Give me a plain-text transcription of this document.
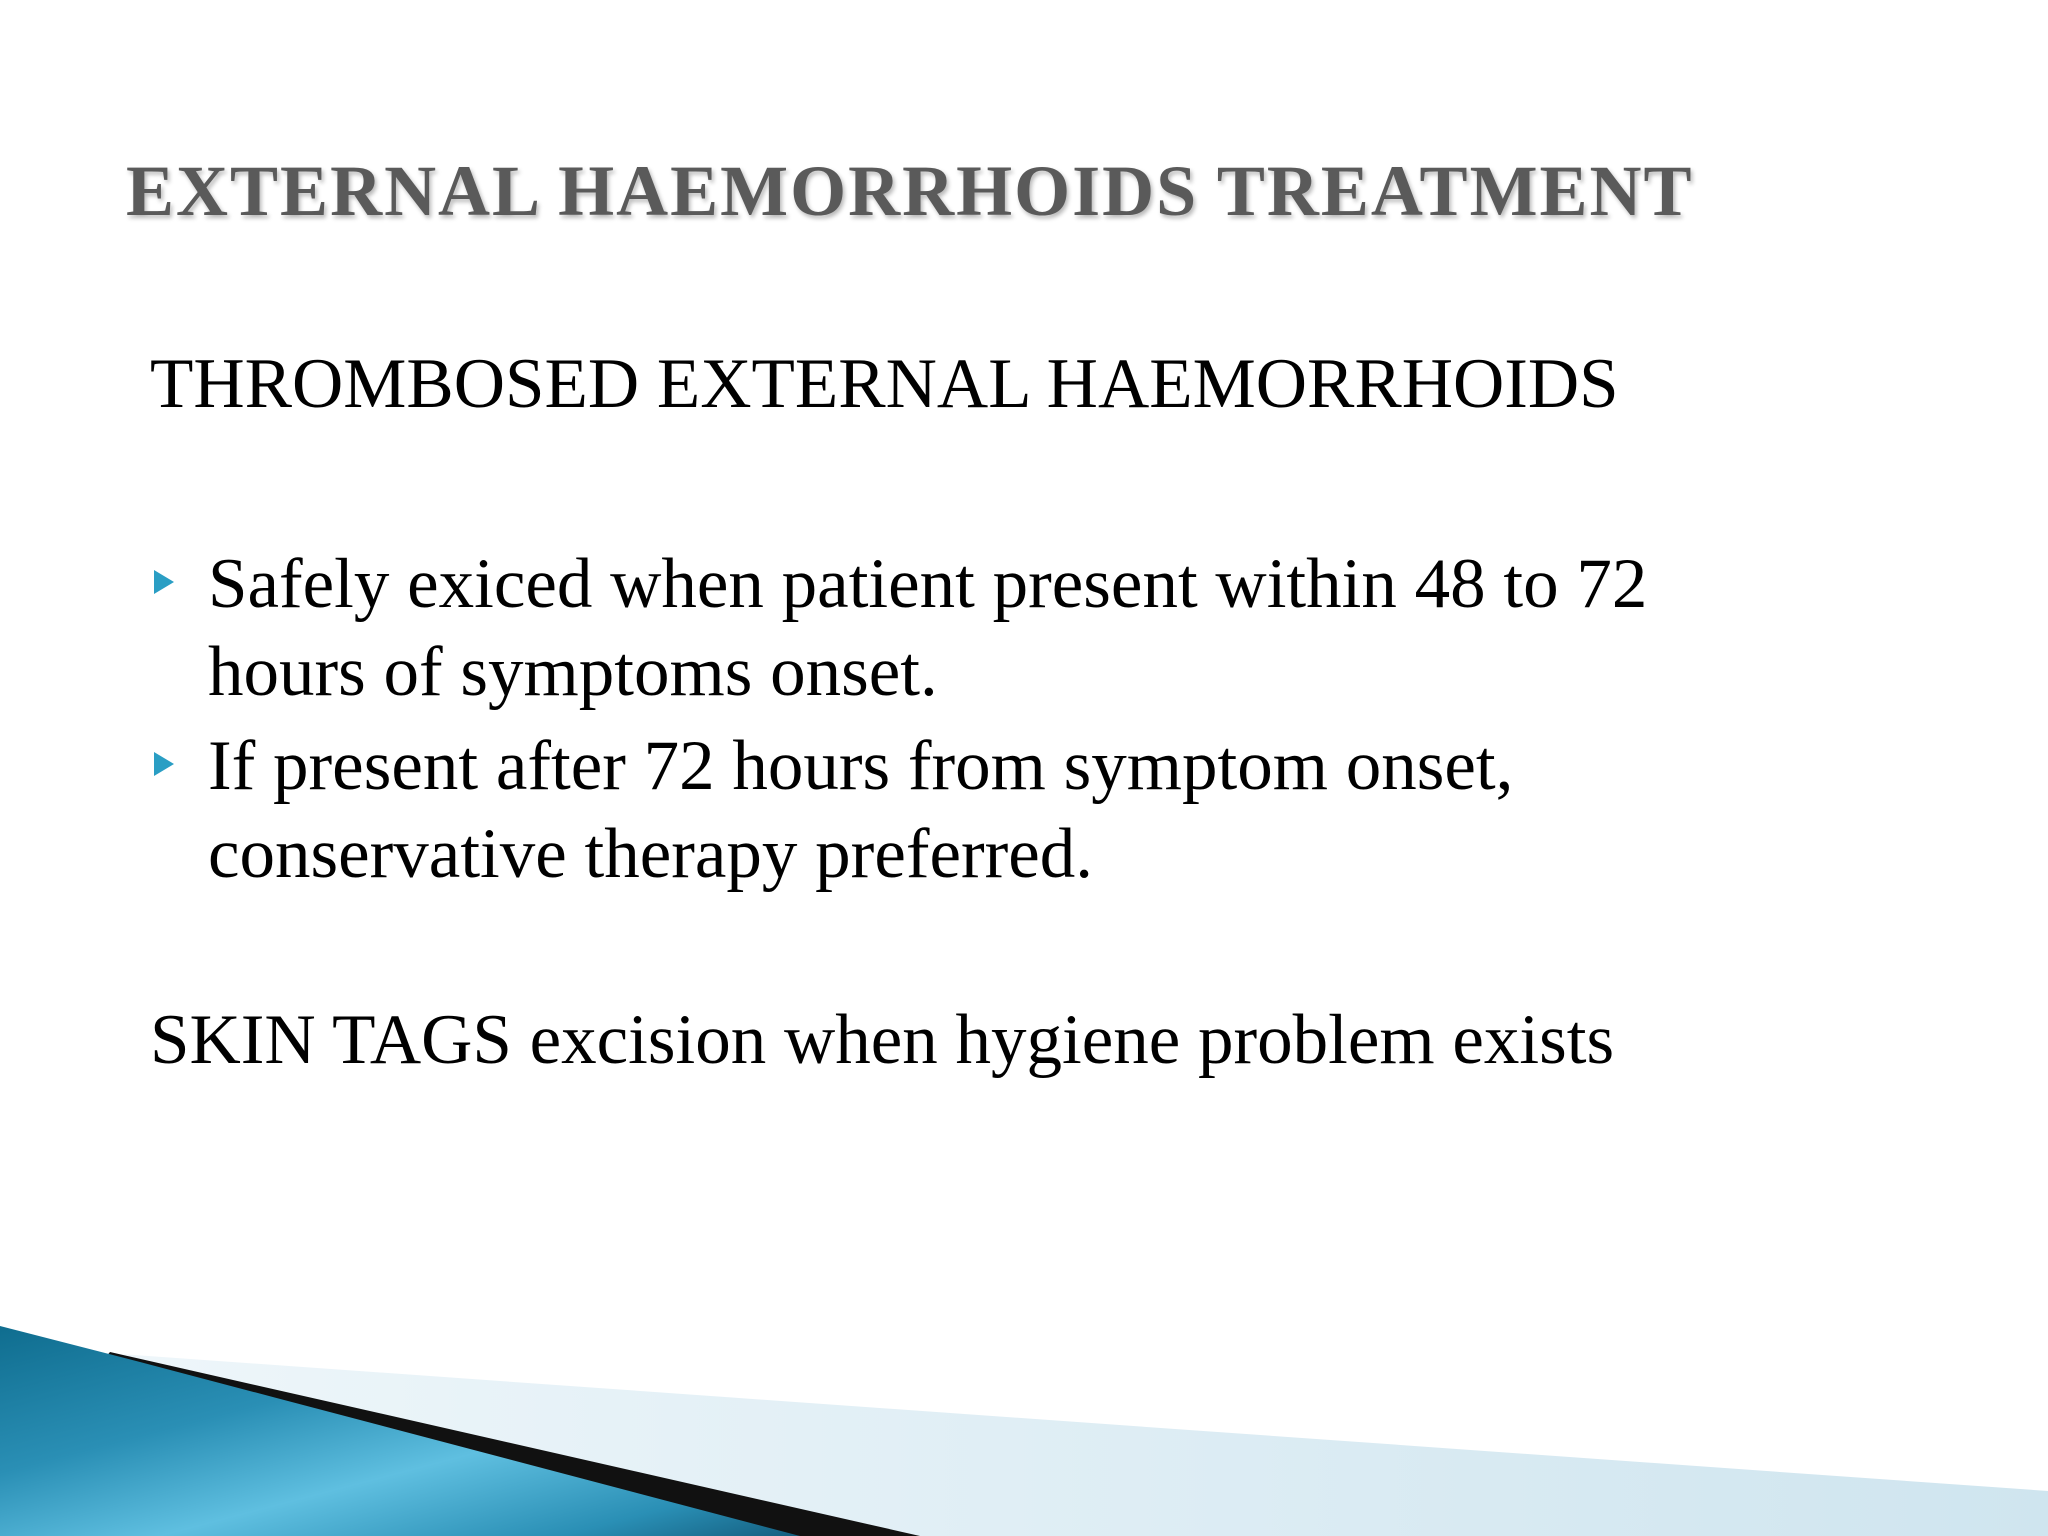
EXTERNAL HAEMORRHOIDS TREATMENT
THROMBOSED EXTERNAL HAEMORRHOIDS
Safely exiced when patient present within 48 to 72
hours of symptoms onset.
If present after 72 hours from symptom onset,
conservative therapy preferred.
SKIN TAGS excision when hygiene problem exists
